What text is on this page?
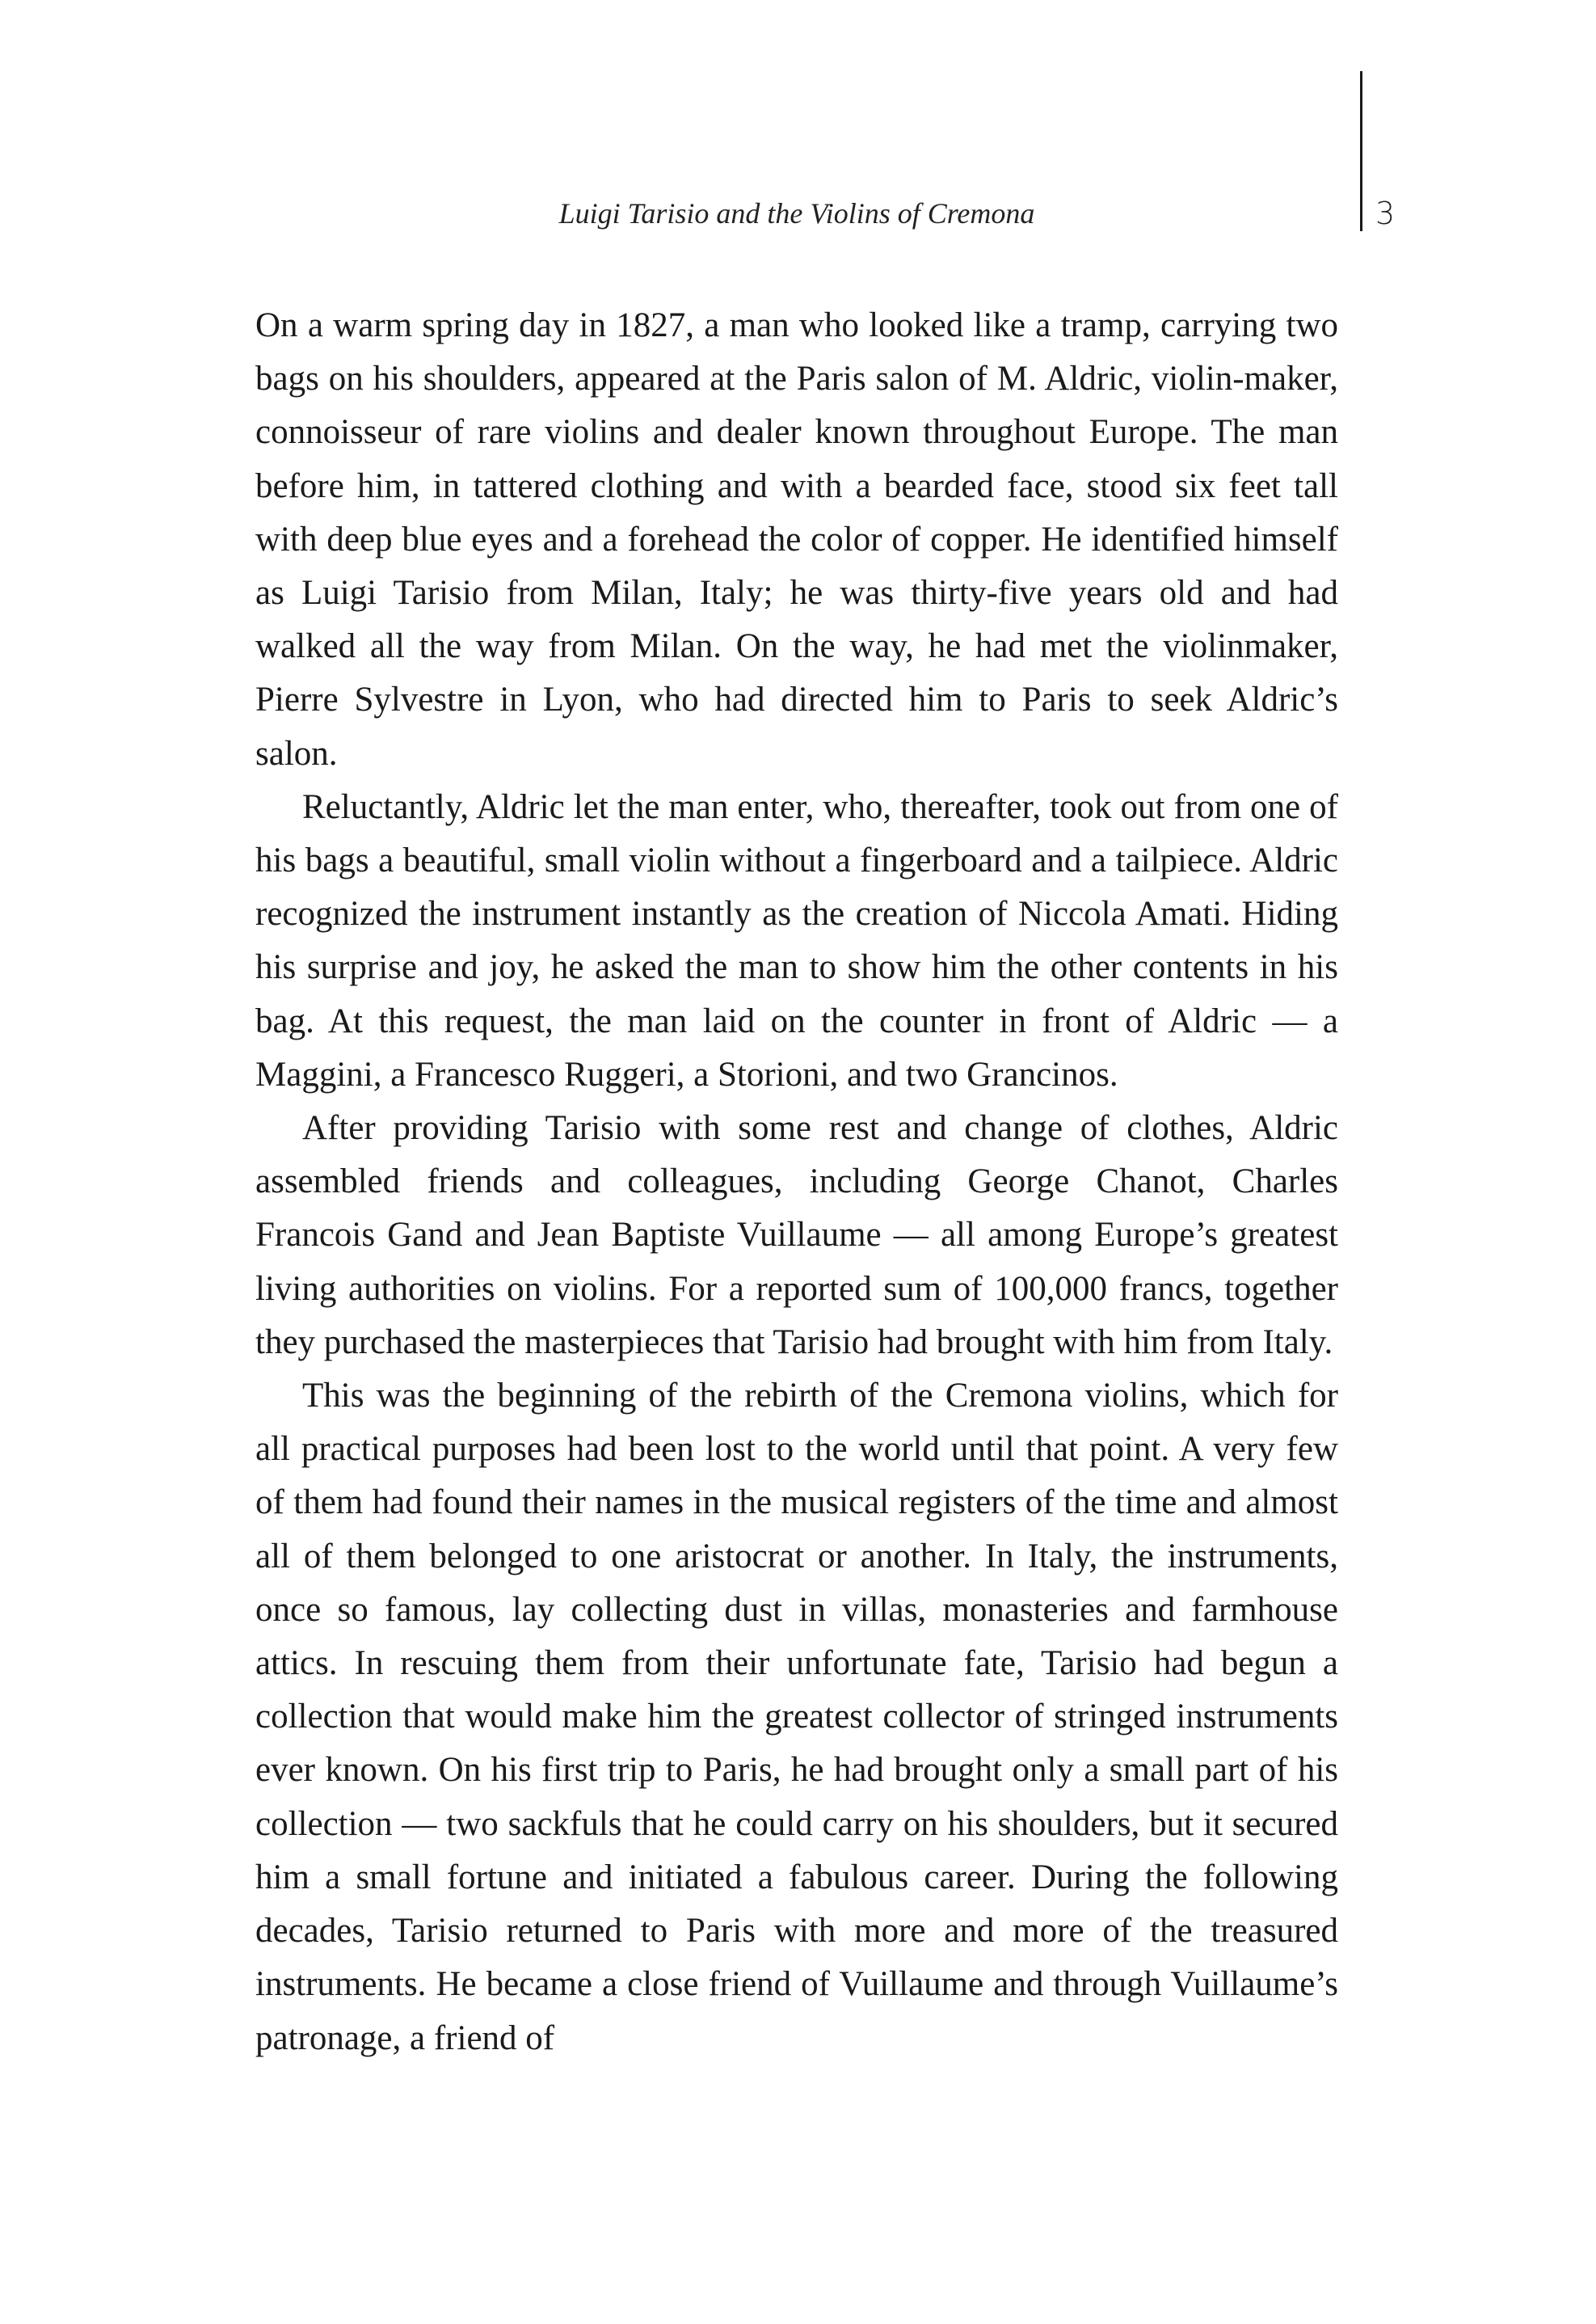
Luigi Tarisio and the Violins of Cremona	3

On a warm spring day in 1827, a man who looked like a tramp, carrying two bags on his shoulders, appeared at the Paris salon of M. Aldric, violin-maker, connoisseur of rare violins and dealer known throughout Europe. The man before him, in tattered clothing and with a bearded face, stood six feet tall with deep blue eyes and a forehead the color of copper. He identified himself as Luigi Tarisio from Milan, Italy; he was thirty-five years old and had walked all the way from Milan. On the way, he had met the violinmaker, Pierre Sylvestre in Lyon, who had directed him to Paris to seek Aldric’s salon.

Reluctantly, Aldric let the man enter, who, thereafter, took out from one of his bags a beautiful, small violin without a fingerboard and a tailpiece. Aldric recognized the instrument instantly as the creation of Niccola Amati. Hiding his surprise and joy, he asked the man to show him the other contents in his bag. At this request, the man laid on the counter in front of Aldric — a Maggini, a Francesco Ruggeri, a Storioni, and two Grancinos.

After providing Tarisio with some rest and change of clothes, Aldric assembled friends and colleagues, including George Chanot, Charles Francois Gand and Jean Baptiste Vuillaume — all among Europe’s greatest living authorities on violins. For a reported sum of 100,000 francs, together they purchased the masterpieces that Tarisio had brought with him from Italy.

This was the beginning of the rebirth of the Cremona violins, which for all practical purposes had been lost to the world until that point. A very few of them had found their names in the musical registers of the time and almost all of them belonged to one aristocrat or another. In Italy, the instruments, once so famous, lay collecting dust in villas, monasteries and farmhouse attics. In rescuing them from their unfortunate fate, Tarisio had begun a collection that would make him the greatest collector of stringed instruments ever known. On his first trip to Paris, he had brought only a small part of his collection — two sackfuls that he could carry on his shoulders, but it secured him a small fortune and initiated a fabulous career. During the following decades, Tarisio returned to Paris with more and more of the treasured instruments. He became a close friend of Vuillaume and through Vuillaume’s patronage, a friend of
